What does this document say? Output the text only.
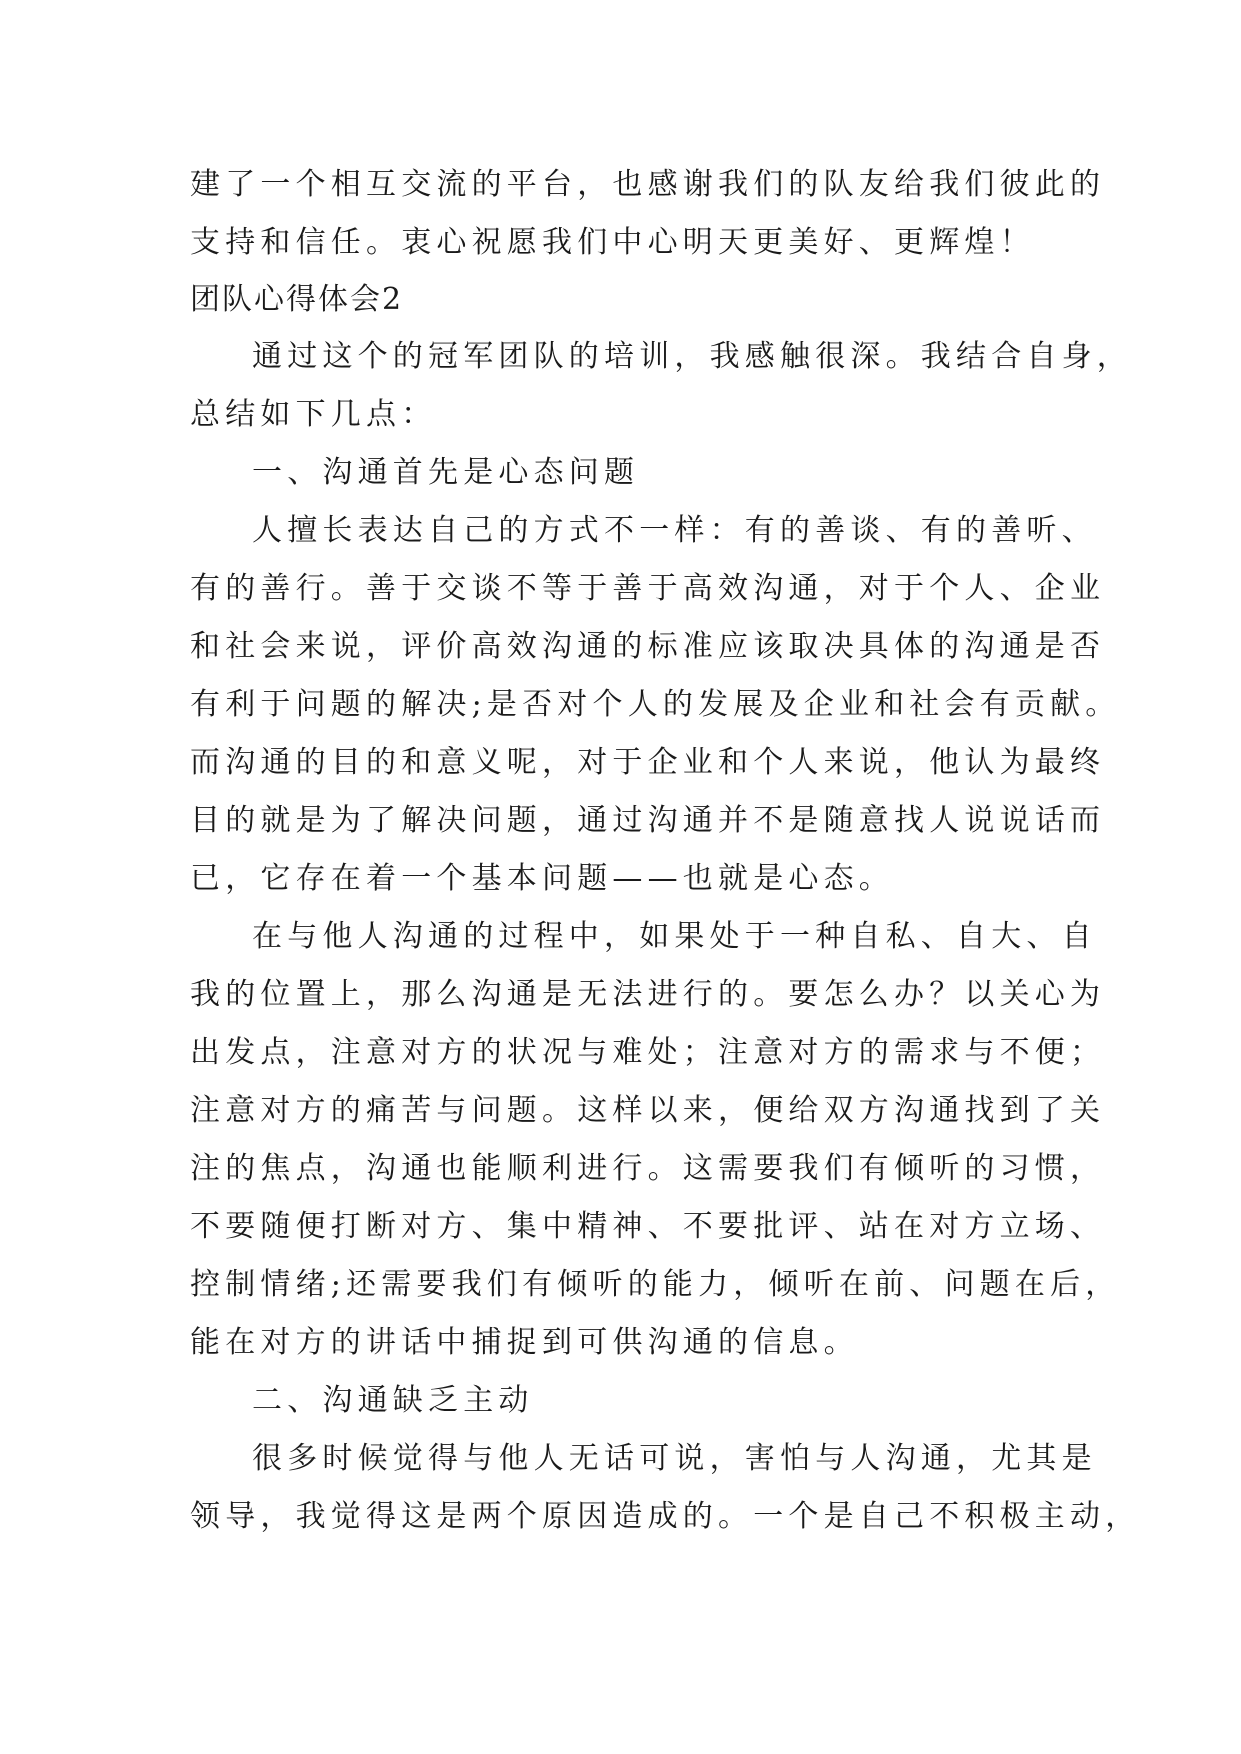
建了一个相互交流的平台，也感谢我们的队友给我们彼此的
支持和信任。衷心祝愿我们中心明天更美好、更辉煌！
团队心得体会2
通过这个的冠军团队的培训，我感触很深。我结合自身，
总结如下几点：
一、沟通首先是心态问题
人擅长表达自己的方式不一样：有的善谈、有的善听、
有的善行。善于交谈不等于善于高效沟通，对于个人、企业
和社会来说，评价高效沟通的标准应该取决具体的沟通是否
有利于问题的解决;是否对个人的发展及企业和社会有贡献。
而沟通的目的和意义呢，对于企业和个人来说，他认为最终
目的就是为了解决问题，通过沟通并不是随意找人说说话而
已，它存在着一个基本问题——也就是心态。
在与他人沟通的过程中，如果处于一种自私、自大、自
我的位置上，那么沟通是无法进行的。要怎么办？以关心为
出发点，注意对方的状况与难处；注意对方的需求与不便；
注意对方的痛苦与问题。这样以来，便给双方沟通找到了关
注的焦点，沟通也能顺利进行。这需要我们有倾听的习惯，
不要随便打断对方、集中精神、不要批评、站在对方立场、
控制情绪;还需要我们有倾听的能力，倾听在前、问题在后，
能在对方的讲话中捕捉到可供沟通的信息。
二、沟通缺乏主动
很多时候觉得与他人无话可说，害怕与人沟通，尤其是
领导，我觉得这是两个原因造成的。一个是自己不积极主动，
